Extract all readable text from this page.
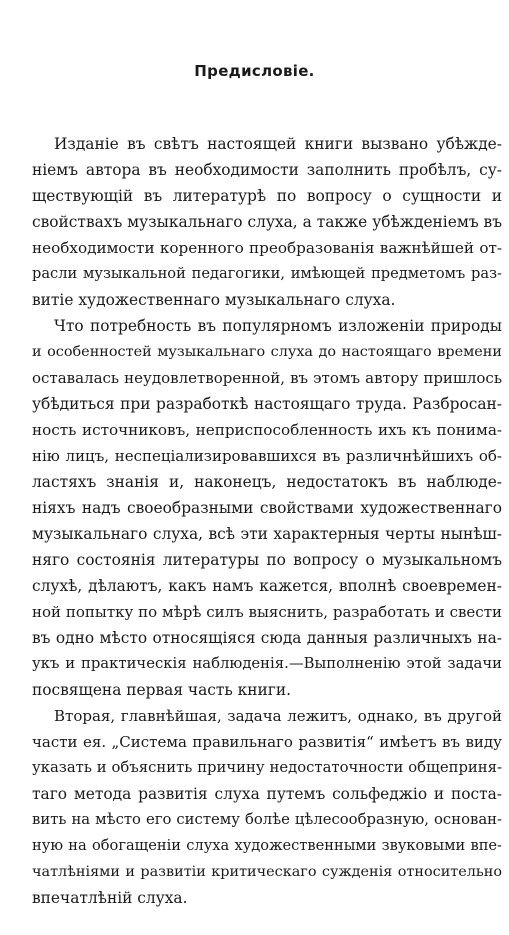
Предисловіе.
Изданіе въ свѣтъ настоящей книги вызвано убѣжде-
ніемъ автора въ необходимости заполнить пробѣлъ, су-
ществующій въ литературѣ по вопросу о сущности и
свойствахъ музыкальнаго слуха, а также убѣжденіемъ въ
необходимости коренного преобразованія важнѣйшей от-
расли музыкальной педагогики, имѣющей предметомъ раз-
витіе художественнаго музыкальнаго слуха.
Что потребность въ популярномъ изложеніи природы
и особенностей музыкальнаго слуха до настоящаго времени
оставалась неудовлетворенной, въ этомъ автору пришлось
убѣдиться при разработкѣ настоящаго труда. Разбросан-
ность источниковъ, неприспособленность ихъ къ понима-
нію лицъ, неспеціализировавшихся въ различнѣйшихъ об-
ластяхъ знанія и, наконецъ, недостатокъ въ наблюде-
ніяхъ надъ своеобразными свойствами художественнаго
музыкальнаго слуха, всѣ эти характерныя черты нынѣш-
няго состоянія литературы по вопросу о музыкальномъ
слухѣ, дѣлаютъ, какъ намъ кажется, вполнѣ своевремен-
ной попытку по мѣрѣ силъ выяснить, разработать и свести
въ одно мѣсто относящіяся сюда данныя различныхъ на-
укъ и практическія наблюденія.—Выполненію этой задачи
посвящена первая часть книги.
Вторая, главнѣйшая, задача лежитъ, однако, въ другой
части ея. „Система правильнаго развитія“ имѣетъ въ виду
указать и объяснить причину недостаточности общеприня-
таго метода развитія слуха путемъ сольфеджіо и поста-
вить на мѣсто его систему болѣе цѣлесообразную, основан-
ную на обогащеніи слуха художественными звуковыми впе-
чатлѣніями и развитіи критическаго сужденія относительно
впечатлѣній слуха.
